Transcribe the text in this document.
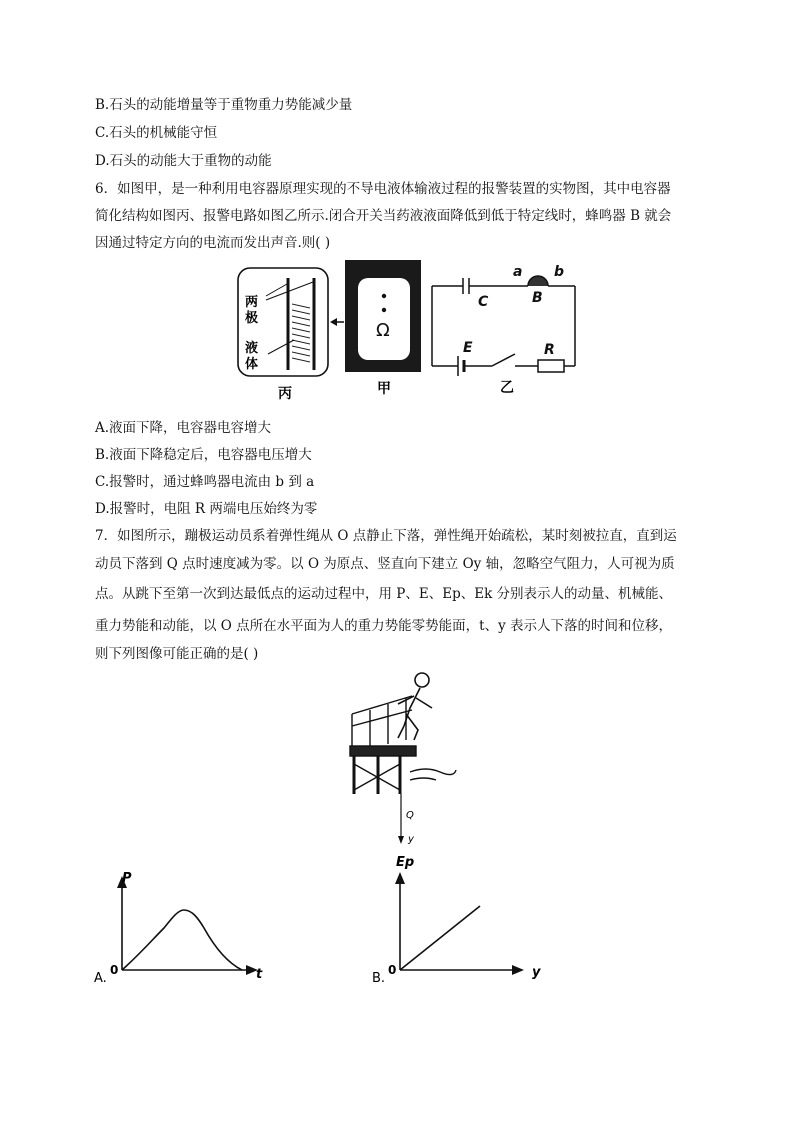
B.石头的动能增量等于重物重力势能减少量
C.石头的机械能守恒
D.石头的动能大于重物的动能
6．如图甲，是一种利用电容器原理实现的不导电液体输液过程的报警装置的实物图，其中电容器
简化结构如图丙、报警电路如图乙所示.闭合开关当药液液面降低到低于特定线时，蜂鸣器 B 就会
因通过特定方向的电流而发出声音.则( )
两
极
液
体
丙
Ω
甲
C	B
a b
E	R
乙
A.液面下降，电容器电容增大
B.液面下降稳定后，电容器电压增大
C.报警时，通过蜂鸣器电流由 b 到 a
D.报警时，电阻 R 两端电压始终为零
7．如图所示，蹦极运动员系着弹性绳从 O 点静止下落，弹性绳开始疏松，某时刻被拉直，直到运
动员下落到 Q 点时速度减为零。以 O 为原点、竖直向下建立 Oy 轴，忽略空气阻力，人可视为质
点。从跳下至第一次到达最低点的运动过程中，用 P、E、Ep、Ek 分别表示人的动量、机械能、
重力势能和动能，以 O 点所在水平面为人的重力势能零势能面，t、y 表示人下落的时间和位移，
则下列图像可能正确的是( )
Q
y
P
t
0
A.
Ep
y
0
B.
